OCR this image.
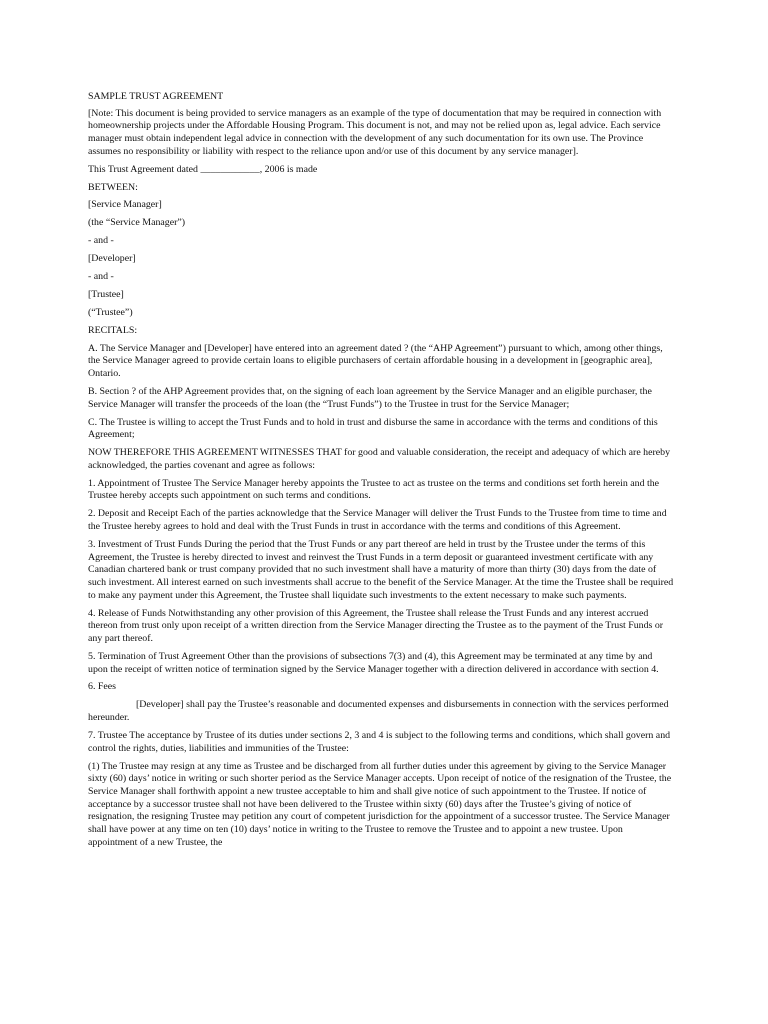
SAMPLE TRUST AGREEMENT

[Note: This document is being provided to service managers as an example of the type of documentation that may be required in connection with homeownership projects under the Affordable Housing Program. This document is not, and may not be relied upon as, legal advice. Each service manager must obtain independent legal advice in connection with the development of any such documentation for its own use. The Province assumes no responsibility or liability with respect to the reliance upon and/or use of this document by any service manager].

This Trust Agreement dated ____________, 2006 is made

BETWEEN:

[Service Manager]

(the “Service Manager”)

- and -

[Developer]

- and -

[Trustee]

(“Trustee”)

RECITALS:

A. The Service Manager and [Developer] have entered into an agreement dated ? (the “AHP Agreement”) pursuant to which, among other things, the Service Manager agreed to provide certain loans to eligible purchasers of certain affordable housing in a development in [geographic area], Ontario.

B. Section ? of the AHP Agreement provides that, on the signing of each loan agreement by the Service Manager and an eligible purchaser, the Service Manager will transfer the proceeds of the loan (the “Trust Funds”) to the Trustee in trust for the Service Manager;

C. The Trustee is willing to accept the Trust Funds and to hold in trust and disburse the same in accordance with the terms and conditions of this Agreement;

NOW THEREFORE THIS AGREEMENT WITNESSES THAT for good and valuable consideration, the receipt and adequacy of which are hereby acknowledged, the parties covenant and agree as follows:

1. Appointment of Trustee The Service Manager hereby appoints the Trustee to act as trustee on the terms and conditions set forth herein and the Trustee hereby accepts such appointment on such terms and conditions.

2. Deposit and Receipt Each of the parties acknowledge that the Service Manager will deliver the Trust Funds to the Trustee from time to time and the Trustee hereby agrees to hold and deal with the Trust Funds in trust in accordance with the terms and conditions of this Agreement.

3. Investment of Trust Funds During the period that the Trust Funds or any part thereof are held in trust by the Trustee under the terms of this Agreement, the Trustee is hereby directed to invest and reinvest the Trust Funds in a term deposit or guaranteed investment certificate with any Canadian chartered bank or trust company provided that no such investment shall have a maturity of more than thirty (30) days from the date of such investment. All interest earned on such investments shall accrue to the benefit of the Service Manager. At the time the Trustee shall be required to make any payment under this Agreement, the Trustee shall liquidate such investments to the extent necessary to make such payments.

4. Release of Funds Notwithstanding any other provision of this Agreement, the Trustee shall release the Trust Funds and any interest accrued thereon from trust only upon receipt of a written direction from the Service Manager directing the Trustee as to the payment of the Trust Funds or any part thereof.

5. Termination of Trust Agreement Other than the provisions of subsections 7(3) and (4), this Agreement may be terminated at any time by and upon the receipt of written notice of termination signed by the Service Manager together with a direction delivered in accordance with section 4.

6. Fees

[Developer] shall pay the Trustee’s reasonable and documented expenses and disbursements in connection with the services performed hereunder.

7. Trustee The acceptance by Trustee of its duties under sections 2, 3 and 4 is subject to the following terms and conditions, which shall govern and control the rights, duties, liabilities and immunities of the Trustee:

(1) The Trustee may resign at any time as Trustee and be discharged from all further duties under this agreement by giving to the Service Manager sixty (60) days’ notice in writing or such shorter period as the Service Manager accepts. Upon receipt of notice of the resignation of the Trustee, the Service Manager shall forthwith appoint a new trustee acceptable to him and shall give notice of such appointment to the Trustee. If notice of acceptance by a successor trustee shall not have been delivered to the Trustee within sixty (60) days after the Trustee’s giving of notice of resignation, the resigning Trustee may petition any court of competent jurisdiction for the appointment of a successor trustee. The Service Manager shall have power at any time on ten (10) days’ notice in writing to the Trustee to remove the Trustee and to appoint a new trustee. Upon appointment of a new Trustee, the
